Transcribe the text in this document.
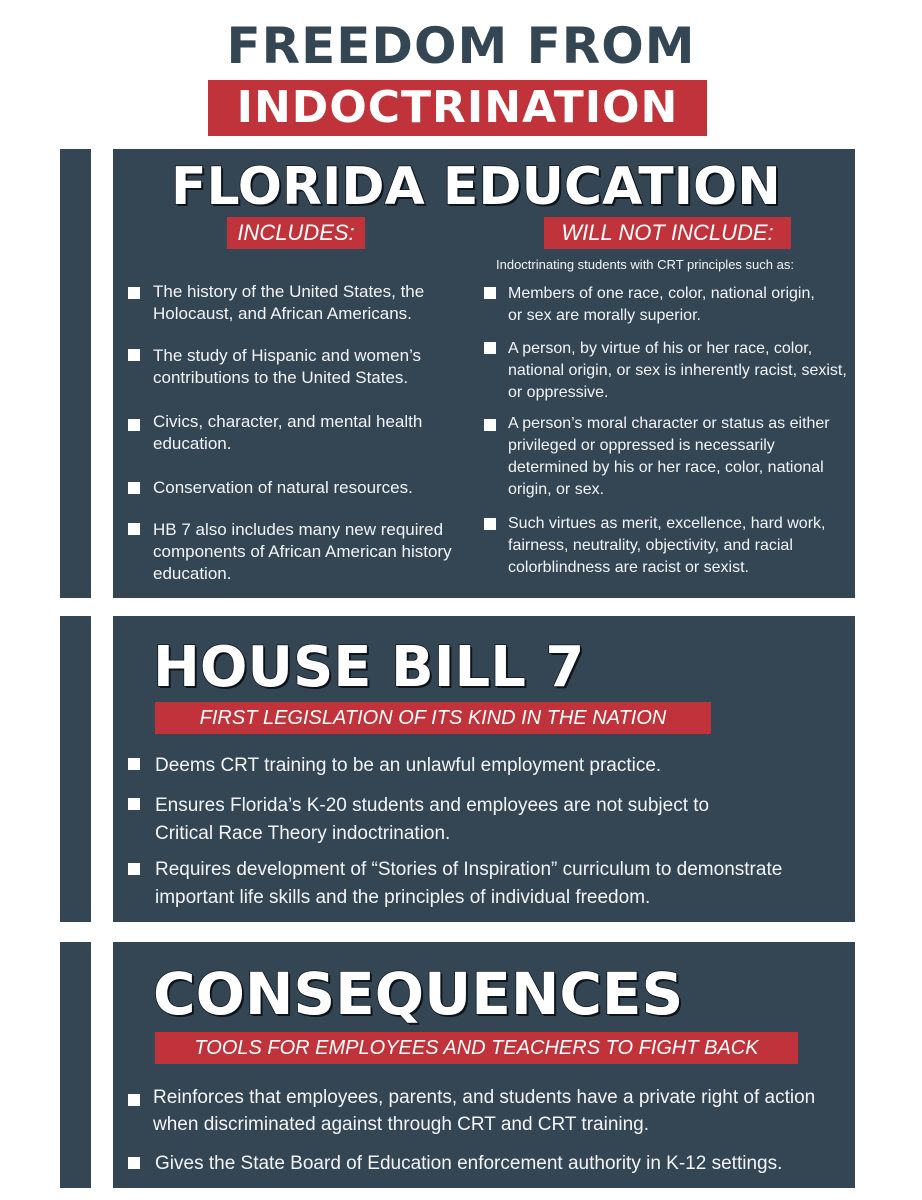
FREEDOM FROM
INDOCTRINATION
FLORIDA EDUCATION
INCLUDES:	WILL NOT INCLUDE:
Indoctrinating students with CRT principles such as:
The history of the United States, the Holocaust, and African Americans.
The study of Hispanic and women’s contributions to the United States.
Civics, character, and mental health education.
Conservation of natural resources.
HB 7 also includes many new required components of African American history education.
Members of one race, color, national origin, or sex are morally superior.
A person, by virtue of his or her race, color, national origin, or sex is inherently racist, sexist, or oppressive.
A person’s moral character or status as either privileged or oppressed is necessarily determined by his or her race, color, national origin, or sex.
Such virtues as merit, excellence, hard work, fairness, neutrality, objectivity, and racial colorblindness are racist or sexist.
HOUSE BILL 7
FIRST LEGISLATION OF ITS KIND IN THE NATION
Deems CRT training to be an unlawful employment practice.
Ensures Florida’s K-20 students and employees are not subject to Critical Race Theory indoctrination.
Requires development of “Stories of Inspiration” curriculum to demonstrate important life skills and the principles of individual freedom.
CONSEQUENCES
TOOLS FOR EMPLOYEES AND TEACHERS TO FIGHT BACK
Reinforces that employees, parents, and students have a private right of action when discriminated against through CRT and CRT training.
Gives the State Board of Education enforcement authority in K-12 settings.
